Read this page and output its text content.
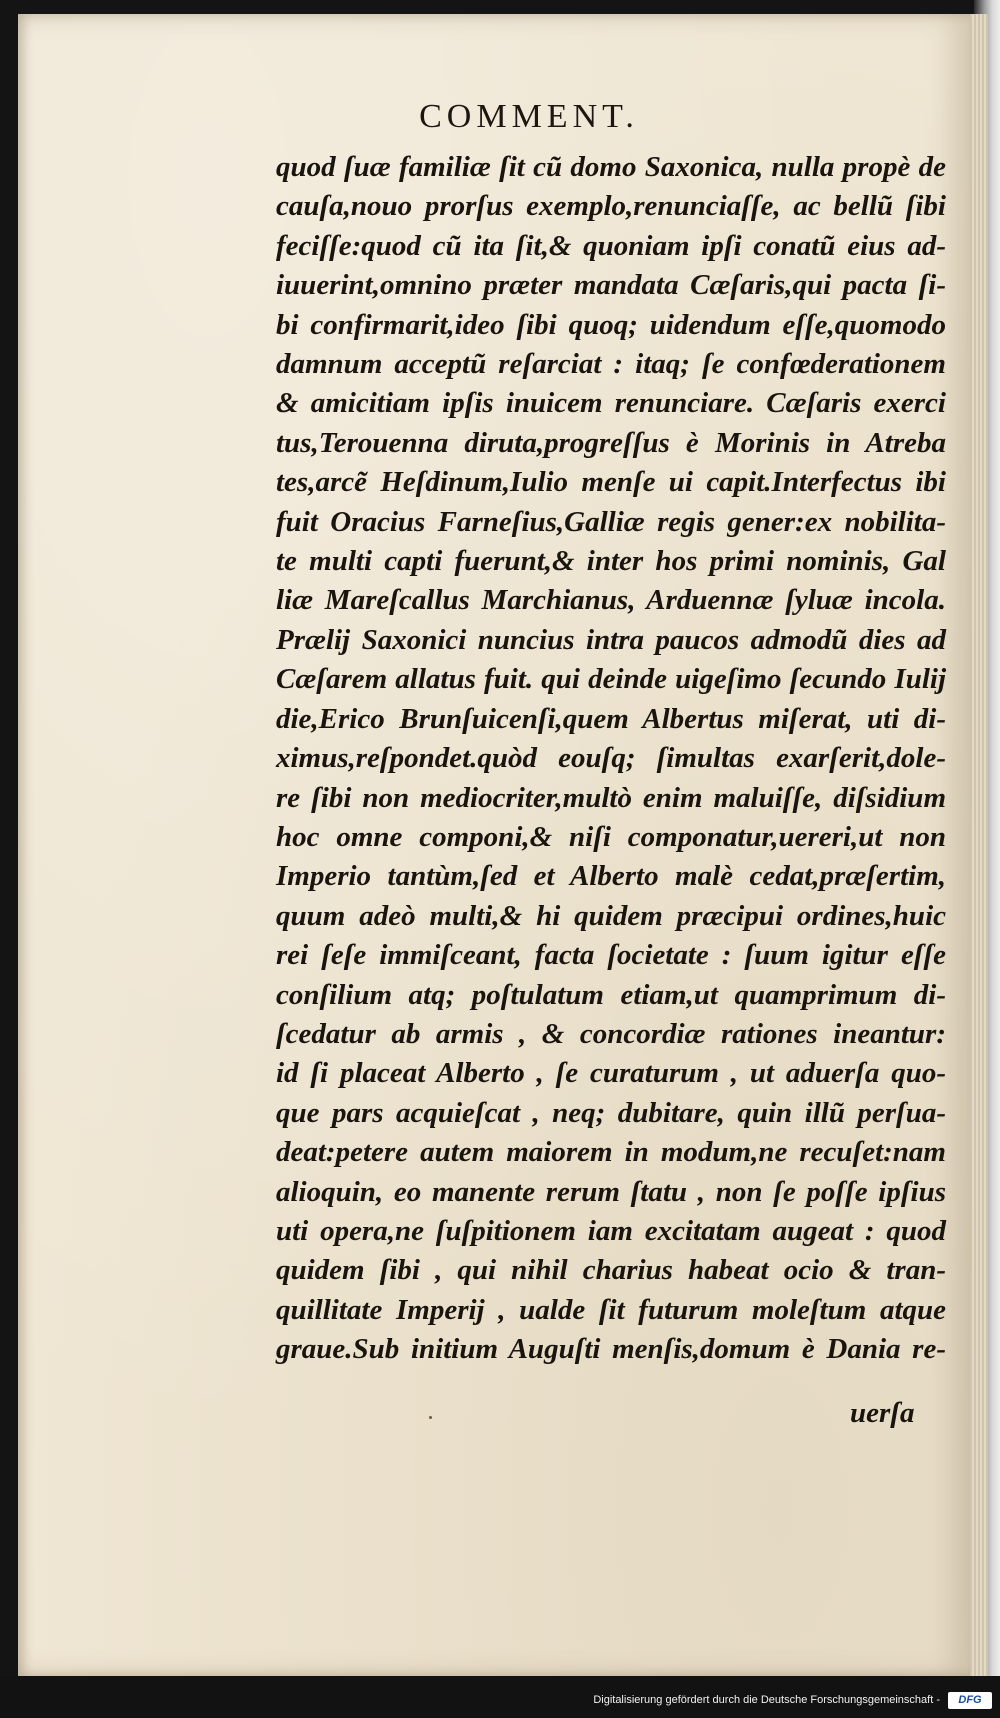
COMMENT.
quod ſuæ familiæ ſit cũ domo Saxonica, nulla propè de
cauſa,nouo prorſus exemplo,renunciaſſe, ac bellũ ſibi
feciſſe:quod cũ ita ſit,& quoniam ipſi conatũ eius ad-
iuuerint,omnino præter mandata Cæſaris,qui pacta ſi-
bi confirmarit,ideo ſibi quoq; uidendum eſſe,quomodo
damnum acceptũ reſarciat : itaq; ſe confœderationem
& amicitiam ipſis inuicem renunciare. Cæſaris exerci
tus,Terouenna diruta,progreſſus è Morinis in Atreba
tes,arcẽ Heſdinum,Iulio menſe ui capit.Interfectus ibi
fuit Oracius Farneſius,Galliæ regis gener:ex nobilita-
te multi capti fuerunt,& inter hos primi nominis, Gal
liæ Mareſcallus Marchianus, Arduennæ ſyluæ incola.
Prælij Saxonici nuncius intra paucos admodũ dies ad
Cæſarem allatus fuit. qui deinde uigeſimo ſecundo Iulij
die,Erico Brunſuicenſi,quem Albertus miſerat, uti di-
ximus,reſpondet.quòd eouſq; ſimultas exarſerit,dole-
re ſibi non mediocriter,multò enim maluiſſe, diſsidium
hoc omne componi,& niſi componatur,uereri,ut non
Imperio tantùm,ſed et Alberto malè cedat,præſertim,
quum adeò multi,& hi quidem præcipui ordines,huic
rei ſeſe immiſceant, facta ſocietate : ſuum igitur eſſe
conſilium atq; poſtulatum etiam,ut quamprimum di-
ſcedatur ab armis , & concordiæ rationes ineantur:
id ſi placeat Alberto , ſe curaturum , ut aduerſa quo-
que pars acquieſcat , neq; dubitare, quin illũ perſua-
deat:petere autem maiorem in modum,ne recuſet:nam
alioquin, eo manente rerum ſtatu , non ſe poſſe ipſius
uti opera,ne ſuſpitionem iam excitatam augeat : quod
quidem ſibi , qui nihil charius habeat ocio & tran-
quillitate Imperij , ualde ſit futurum moleſtum atque
graue.Sub initium Auguſti menſis,domum è Dania re-
uerſa
Digitalisierung gefördert durch die Deutsche Forschungsgemeinschaft -	DFG
